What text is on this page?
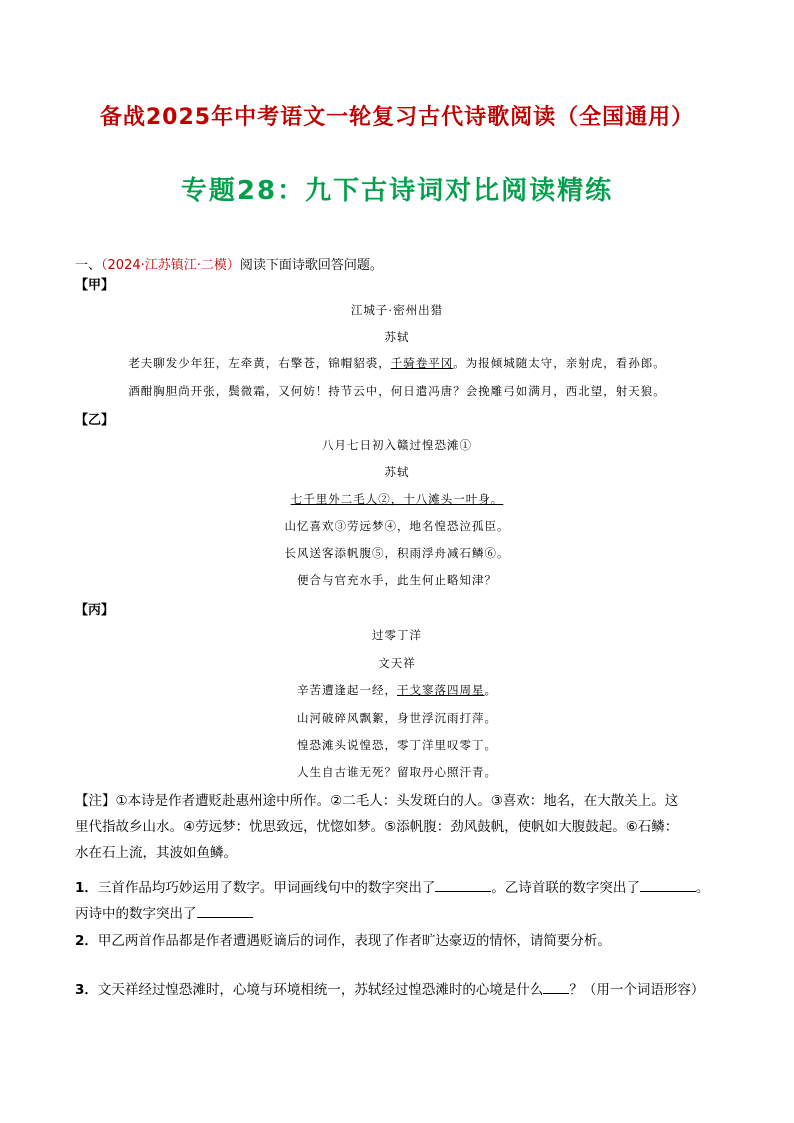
备战2025年中考语文一轮复习古代诗歌阅读（全国通用）
专题28：九下古诗词对比阅读精练
一、（2024·江苏镇江·二模）阅读下面诗歌回答问题。
【甲】
江城子·密州出猎
苏轼
老夫聊发少年狂，左牵黄，右擎苍，锦帽貂裘，千骑卷平冈。为报倾城随太守，亲射虎，看孙郎。
酒酣胸胆尚开张，鬓微霜，又何妨！持节云中，何日遣冯唐？会挽雕弓如满月，西北望，射天狼。
【乙】
八月七日初入赣过惶恐滩①
苏轼
七千里外二毛人②，十八滩头一叶身。
山忆喜欢③劳远梦④，地名惶恐泣孤臣。
长风送客添帆腹⑤，积雨浮舟减石鳞⑥。
便合与官充水手，此生何止略知津？
【丙】
过零丁洋
文天祥
辛苦遭逢起一经，干戈寥落四周星。
山河破碎风飘絮，身世浮沉雨打萍。
惶恐滩头说惶恐，零丁洋里叹零丁。
人生自古谁无死？留取丹心照汗青。
【注】①本诗是作者遭贬赴惠州途中所作。②二毛人：头发斑白的人。③喜欢：地名，在大散关上。这
里代指故乡山水。④劳远梦：忧思致远，忧惚如梦。⑤添帆腹：劲风鼓帆，使帆如大腹鼓起。⑥石鳞：
水在石上流，其波如鱼鳞。
1．三首作品均巧妙运用了数字。甲词画线句中的数字突出了	。乙诗首联的数字突出了	。
丙诗中的数字突出了
2．甲乙两首作品都是作者遭遇贬谪后的词作，表现了作者旷达豪迈的情怀，请简要分析。
3．文天祥经过惶恐滩时，心境与环境相统一，苏轼经过惶恐滩时的心境是什么 ？（用一个词语形容）
